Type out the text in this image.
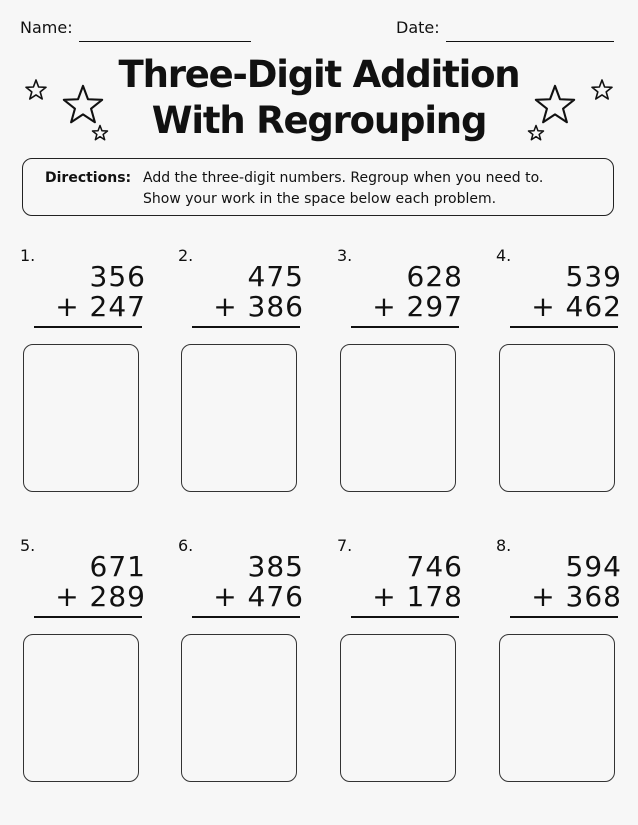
Name:	Date:
Three-Digit Addition
With Regrouping
Directions: Add the three-digit numbers. Regroup when you need to.
Show your work in the space below each problem.
1.
356
+ 247
2.
475
+ 386
3.
628
+ 297
4.
539
+ 462
5.
671
+ 289
6.
385
+ 476
7.
746
+ 178
8.
594
+ 368
